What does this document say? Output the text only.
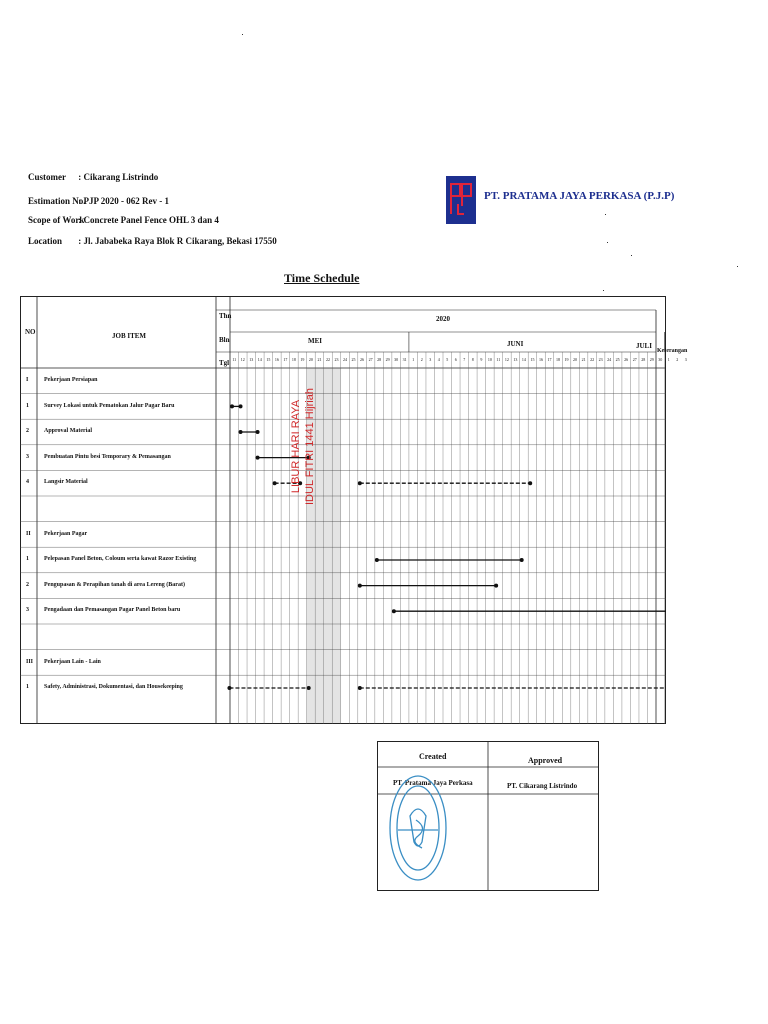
Customer : Cikarang Listrindo
Estimation No. : PJP 2020 - 062 Rev - 1
Scope of Work : Concrete Panel Fence OHL 3 dan 4
Location : Jl. Jababeka Raya Blok R Cikarang, Bekasi 17550
PT. PRATAMA JAYA PERKASA (P.J.P)
Time Schedule
NO	JOB ITEM
Thn
Bln
Tgl
2020
MEI	JUNI	JULI
Keterangan
11	12	13	14	15	16	17	18	19	20	21	22	23	24	25	26	27	28	29	30	31	1	2	3	4	5	6	7	8	9	10	11	12	13	14	15	16	17	18	19	20	21	22	23	24	25	26	27	28	29	30	1	2	3
I	Pekerjaan Persiapan
1	Survey Lokasi untuk Pematokan Jalur Pagar Baru
2	Approval Material
3	Pembuatan Pintu besi Temporary & Pemasangan
4	Langsir Material
II Pekerjaan Pagar
1	Pelepasan Panel Beton, Coloum serta kawat Razor Existing
2	Pengupasan & Perapihan tanah di area Lereng (Barat)
3	Pengadaan dan Pemasangan Pagar Panel Beton baru
III Pekerjaan Lain - Lain
1	Safety, Administrasi, Dokumentasi, dan Housekeeping
LIBUR HARI RAYA IDUL FITRI 1441 Hijriah
Created	Approved
PT. Pratama Jaya Perkasa	PT. Cikarang Listrindo
